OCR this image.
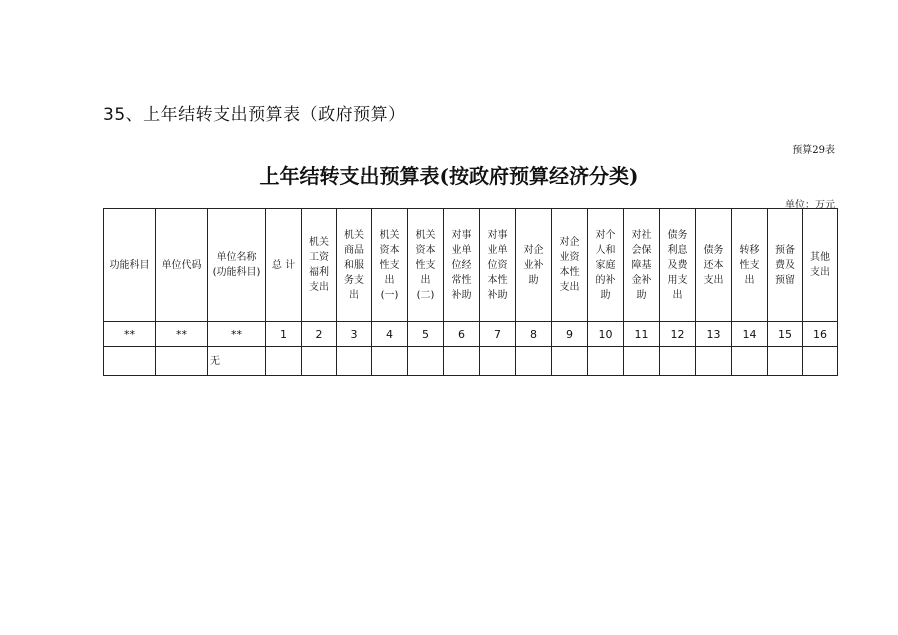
35、上年结转支出预算表（政府预算）
预算29表
上年结转支出预算表(按政府预算经济分类)
单位：万元
功能科目	单位代码	单位名称(功能科目)	总 计	机关工资福利支出	机关商品和服务支出	机关资本性支出(一)	机关资本性支出(二)	对事业单位经常性补助	对事业单位资本性补助	对企业补助	对企业资本性支出	对个人和家庭的补助	对社会保障基金补助	债务利息及费用支出	债务还本支出	转移性支出	预备费及预留	其他支出
**	**	**	1	2	3	4	5	6	7	8	9	10	11	12	13	14	15	16
		无																
